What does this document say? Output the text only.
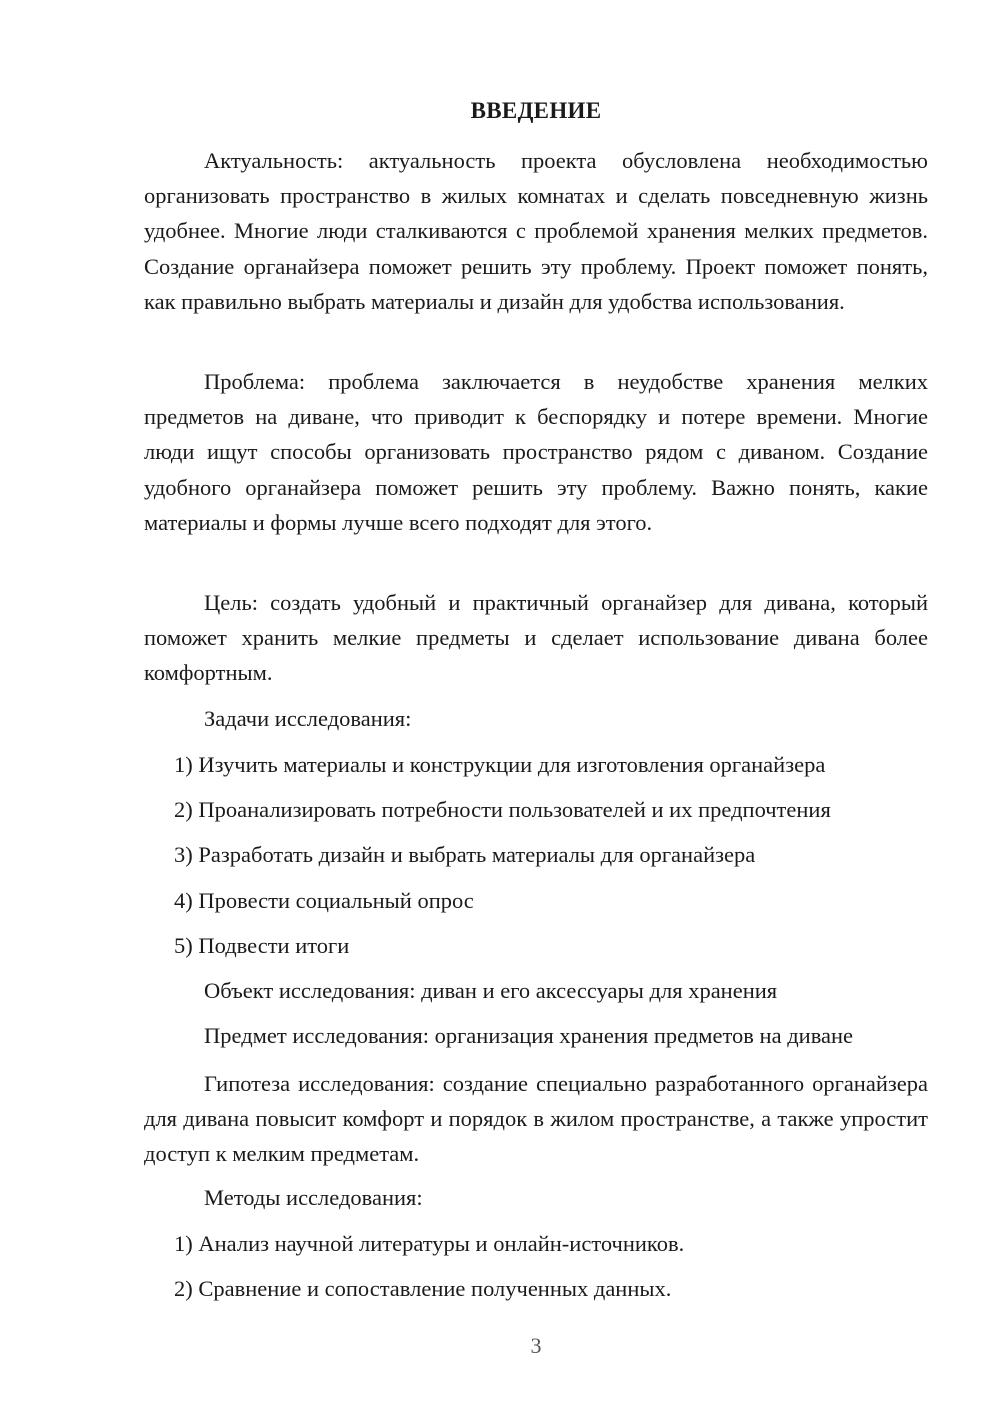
ВВЕДЕНИЕ

Актуальность: актуальность проекта обусловлена необходимостью организовать пространство в жилых комнатах и сделать повседневную жизнь удобнее. Многие люди сталкиваются с проблемой хранения мелких предметов. Создание органайзера поможет решить эту проблему. Проект поможет понять, как правильно выбрать материалы и дизайн для удобства использования.

Проблема: проблема заключается в неудобстве хранения мелких предметов на диване, что приводит к беспорядку и потере времени. Многие люди ищут способы организовать пространство рядом с диваном. Создание удобного органайзера поможет решить эту проблему. Важно понять, какие материалы и формы лучше всего подходят для этого.

Цель: создать удобный и практичный органайзер для дивана, который поможет хранить мелкие предметы и сделает использование дивана более комфортным.

Задачи исследования:

1) Изучить материалы и конструкции для изготовления органайзера

2) Проанализировать потребности пользователей и их предпочтения

3) Разработать дизайн и выбрать материалы для органайзера

4) Провести социальный опрос

5) Подвести итоги

Объект исследования: диван и его аксессуары для хранения

Предмет исследования: организация хранения предметов на диване

Гипотеза исследования: создание специально разработанного органайзера для дивана повысит комфорт и порядок в жилом пространстве, а также упростит доступ к мелким предметам.

Методы исследования:

1) Анализ научной литературы и онлайн-источников.

2) Сравнение и сопоставление полученных данных.

3
